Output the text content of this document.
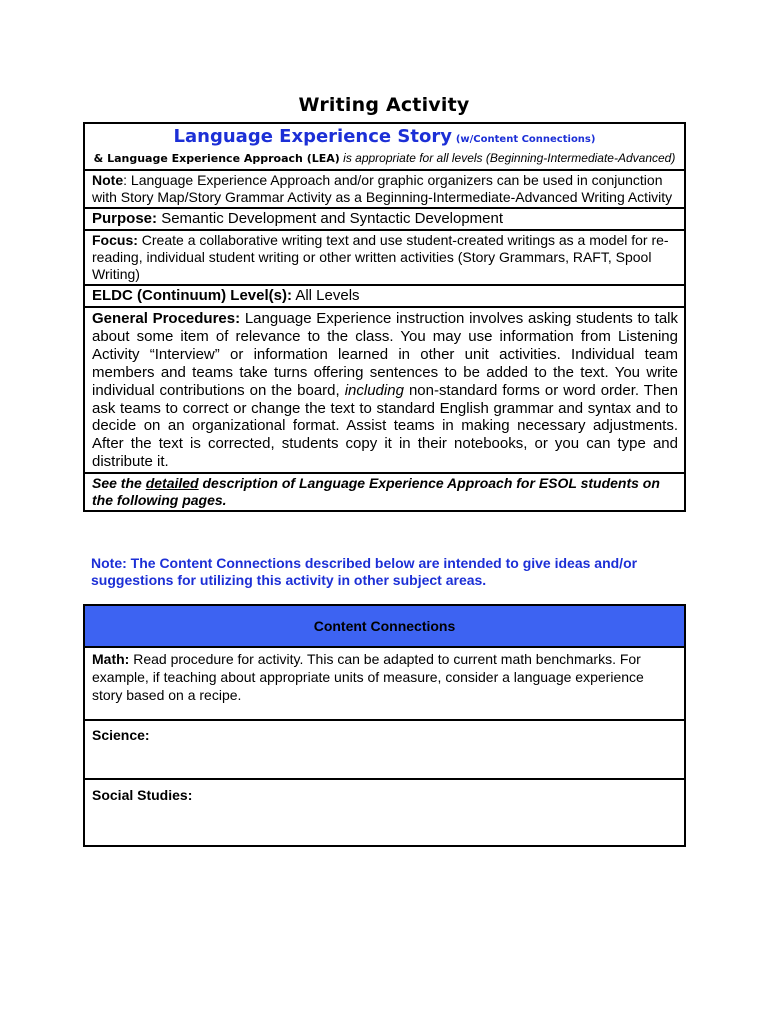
Writing Activity
Language Experience Story (w/Content Connections)
& Language Experience Approach (LEA) is appropriate for all levels (Beginning-Intermediate-Advanced)
Note: Language Experience Approach and/or graphic organizers can be used in conjunction with Story Map/Story Grammar Activity as a Beginning-Intermediate-Advanced Writing Activity
Purpose: Semantic Development and Syntactic Development
Focus: Create a collaborative writing text and use student-created writings as a model for re-reading, individual student writing or other written activities (Story Grammars, RAFT, Spool Writing)
ELDC (Continuum) Level(s): All Levels
General Procedures: Language Experience instruction involves asking students to talk about some item of relevance to the class. You may use information from Listening Activity “Interview” or information learned in other unit activities. Individual team members and teams take turns offering sentences to be added to the text. You write individual contributions on the board, including non-standard forms or word order. Then ask teams to correct or change the text to standard English grammar and syntax and to decide on an organizational format. Assist teams in making necessary adjustments. After the text is corrected, students copy it in their notebooks, or you can type and distribute it.
See the detailed description of Language Experience Approach for ESOL students on the following pages.
Note: The Content Connections described below are intended to give ideas and/or suggestions for utilizing this activity in other subject areas.
Content Connections
Math: Read procedure for activity. This can be adapted to current math benchmarks. For example, if teaching about appropriate units of measure, consider a language experience story based on a recipe.
Science:
Social Studies:
